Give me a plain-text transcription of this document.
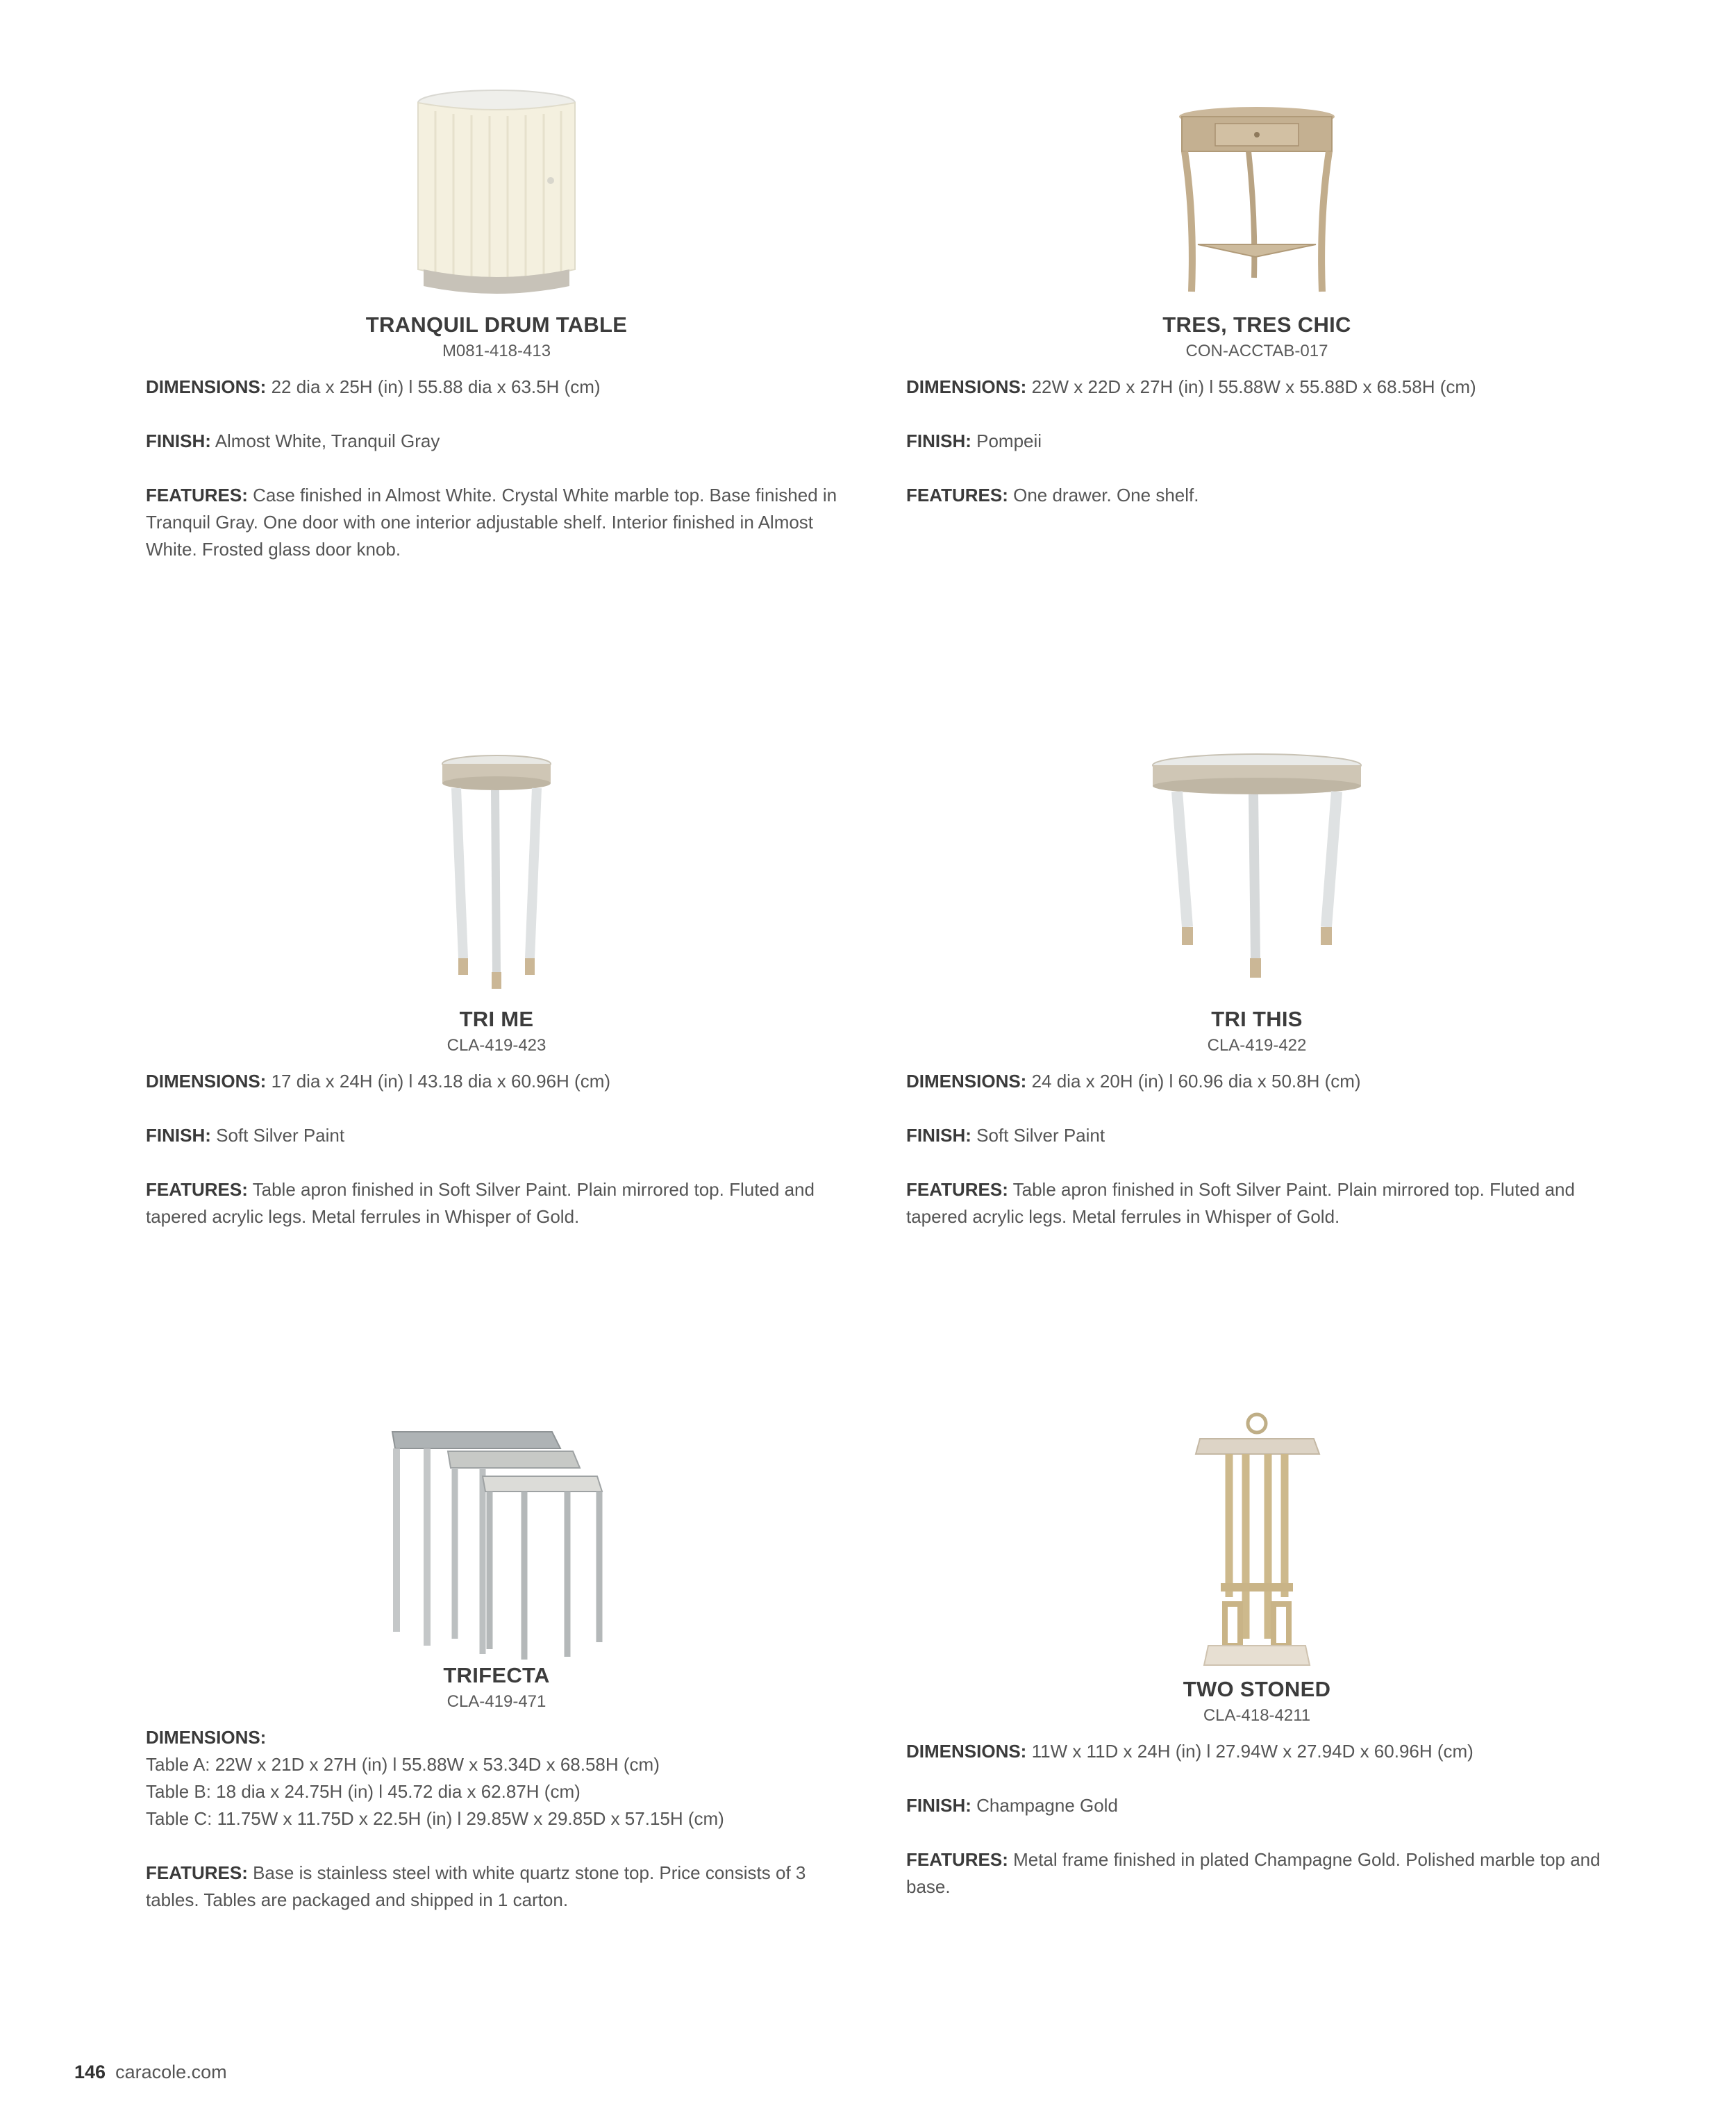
TRANQUIL DRUM TABLE

M081-418-413

DIMENSIONS: 22 dia x 25H (in) l 55.88 dia x 63.5H (cm)

FINISH: Almost White, Tranquil Gray

FEATURES: Case finished in Almost White. Crystal White marble top. Base finished in Tranquil Gray. One door with one interior adjustable shelf. Interior finished in Almost White. Frosted glass door knob.

TRES, TRES CHIC

CON-ACCTAB-017

DIMENSIONS: 22W x 22D x 27H (in) l 55.88W x 55.88D x 68.58H (cm)

FINISH: Pompeii

FEATURES: One drawer. One shelf.

TRI ME

CLA-419-423

DIMENSIONS: 17 dia x 24H (in) l 43.18 dia x 60.96H (cm)

FINISH: Soft Silver Paint

FEATURES: Table apron finished in Soft Silver Paint. Plain mirrored top. Fluted and tapered acrylic legs. Metal ferrules in Whisper of Gold.

TRI THIS

CLA-419-422

DIMENSIONS: 24 dia x 20H (in) l 60.96 dia x 50.8H (cm)

FINISH: Soft Silver Paint

FEATURES: Table apron finished in Soft Silver Paint. Plain mirrored top. Fluted and tapered acrylic legs. Metal ferrules in Whisper of Gold.

TRIFECTA

CLA-419-471

DIMENSIONS:
Table A: 22W x 21D x 27H (in) l 55.88W x 53.34D x 68.58H (cm)
Table B: 18 dia x 24.75H (in) l 45.72 dia x 62.87H (cm)
Table C: 11.75W x 11.75D x 22.5H (in) l 29.85W x 29.85D x 57.15H (cm)

FEATURES: Base is stainless steel with white quartz stone top. Price consists of 3 tables. Tables are packaged and shipped in 1 carton.

TWO STONED

CLA-418-4211

DIMENSIONS: 11W x 11D x 24H (in) l 27.94W x 27.94D x 60.96H (cm)

FINISH: Champagne Gold

FEATURES: Metal frame finished in plated Champagne Gold. Polished marble top and base.

146 caracole.com
